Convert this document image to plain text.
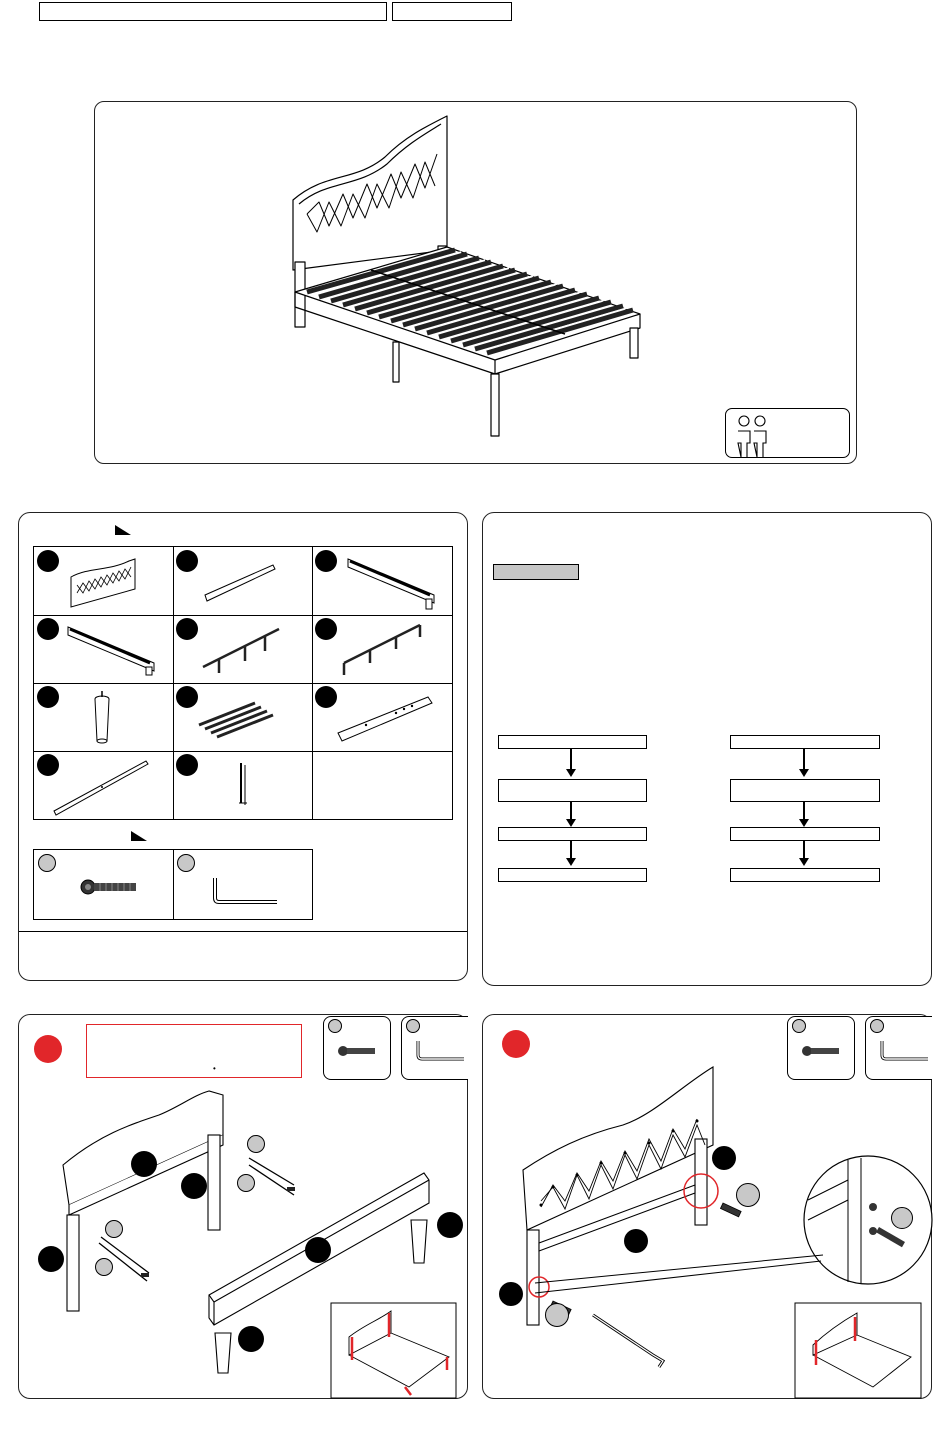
•
